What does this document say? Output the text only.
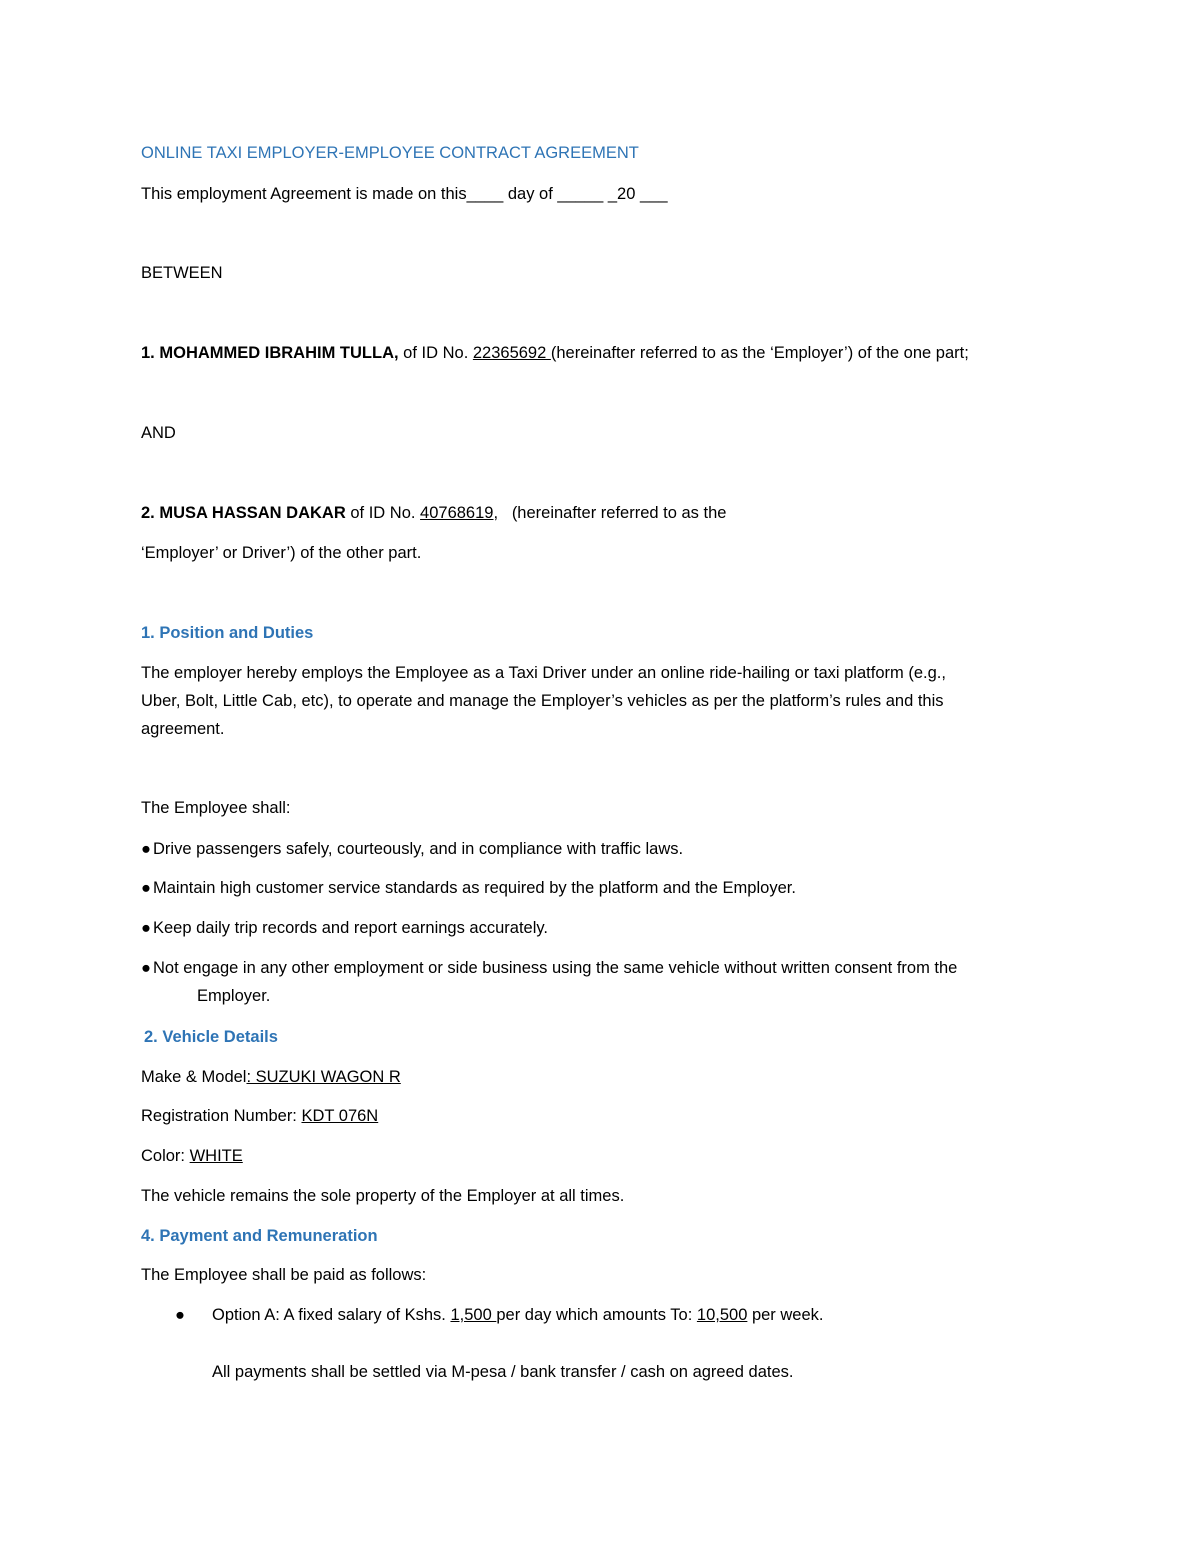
ONLINE TAXI EMPLOYER-EMPLOYEE CONTRACT AGREEMENT
This employment Agreement is made on this____ day of _____ _20 ___
BETWEEN
1. MOHAMMED IBRAHIM TULLA, of ID No. 22365692 (hereinafter referred to as the ‘Employer’) of the one part;
AND
2. MUSA HASSAN DAKAR of ID No. 40768619, (hereinafter referred to as the
‘Employer’ or Driver’) of the other part.
1. Position and Duties
The employer hereby employs the Employee as a Taxi Driver under an online ride-hailing or taxi platform (e.g.,
Uber, Bolt, Little Cab, etc), to operate and manage the Employer’s vehicles as per the platform’s rules and this
agreement.
The Employee shall:
● Drive passengers safely, courteously, and in compliance with traffic laws.
● Maintain high customer service standards as required by the platform and the Employer.
● Keep daily trip records and report earnings accurately.
● Not engage in any other employment or side business using the same vehicle without written consent from the
Employer.
2. Vehicle Details
Make & Model: SUZUKI WAGON R
Registration Number: KDT 076N
Color: WHITE
The vehicle remains the sole property of the Employer at all times.
4. Payment and Remuneration
The Employee shall be paid as follows:
● Option A: A fixed salary of Kshs. 1,500 per day which amounts To: 10,500 per week.
All payments shall be settled via M-pesa / bank transfer / cash on agreed dates.
